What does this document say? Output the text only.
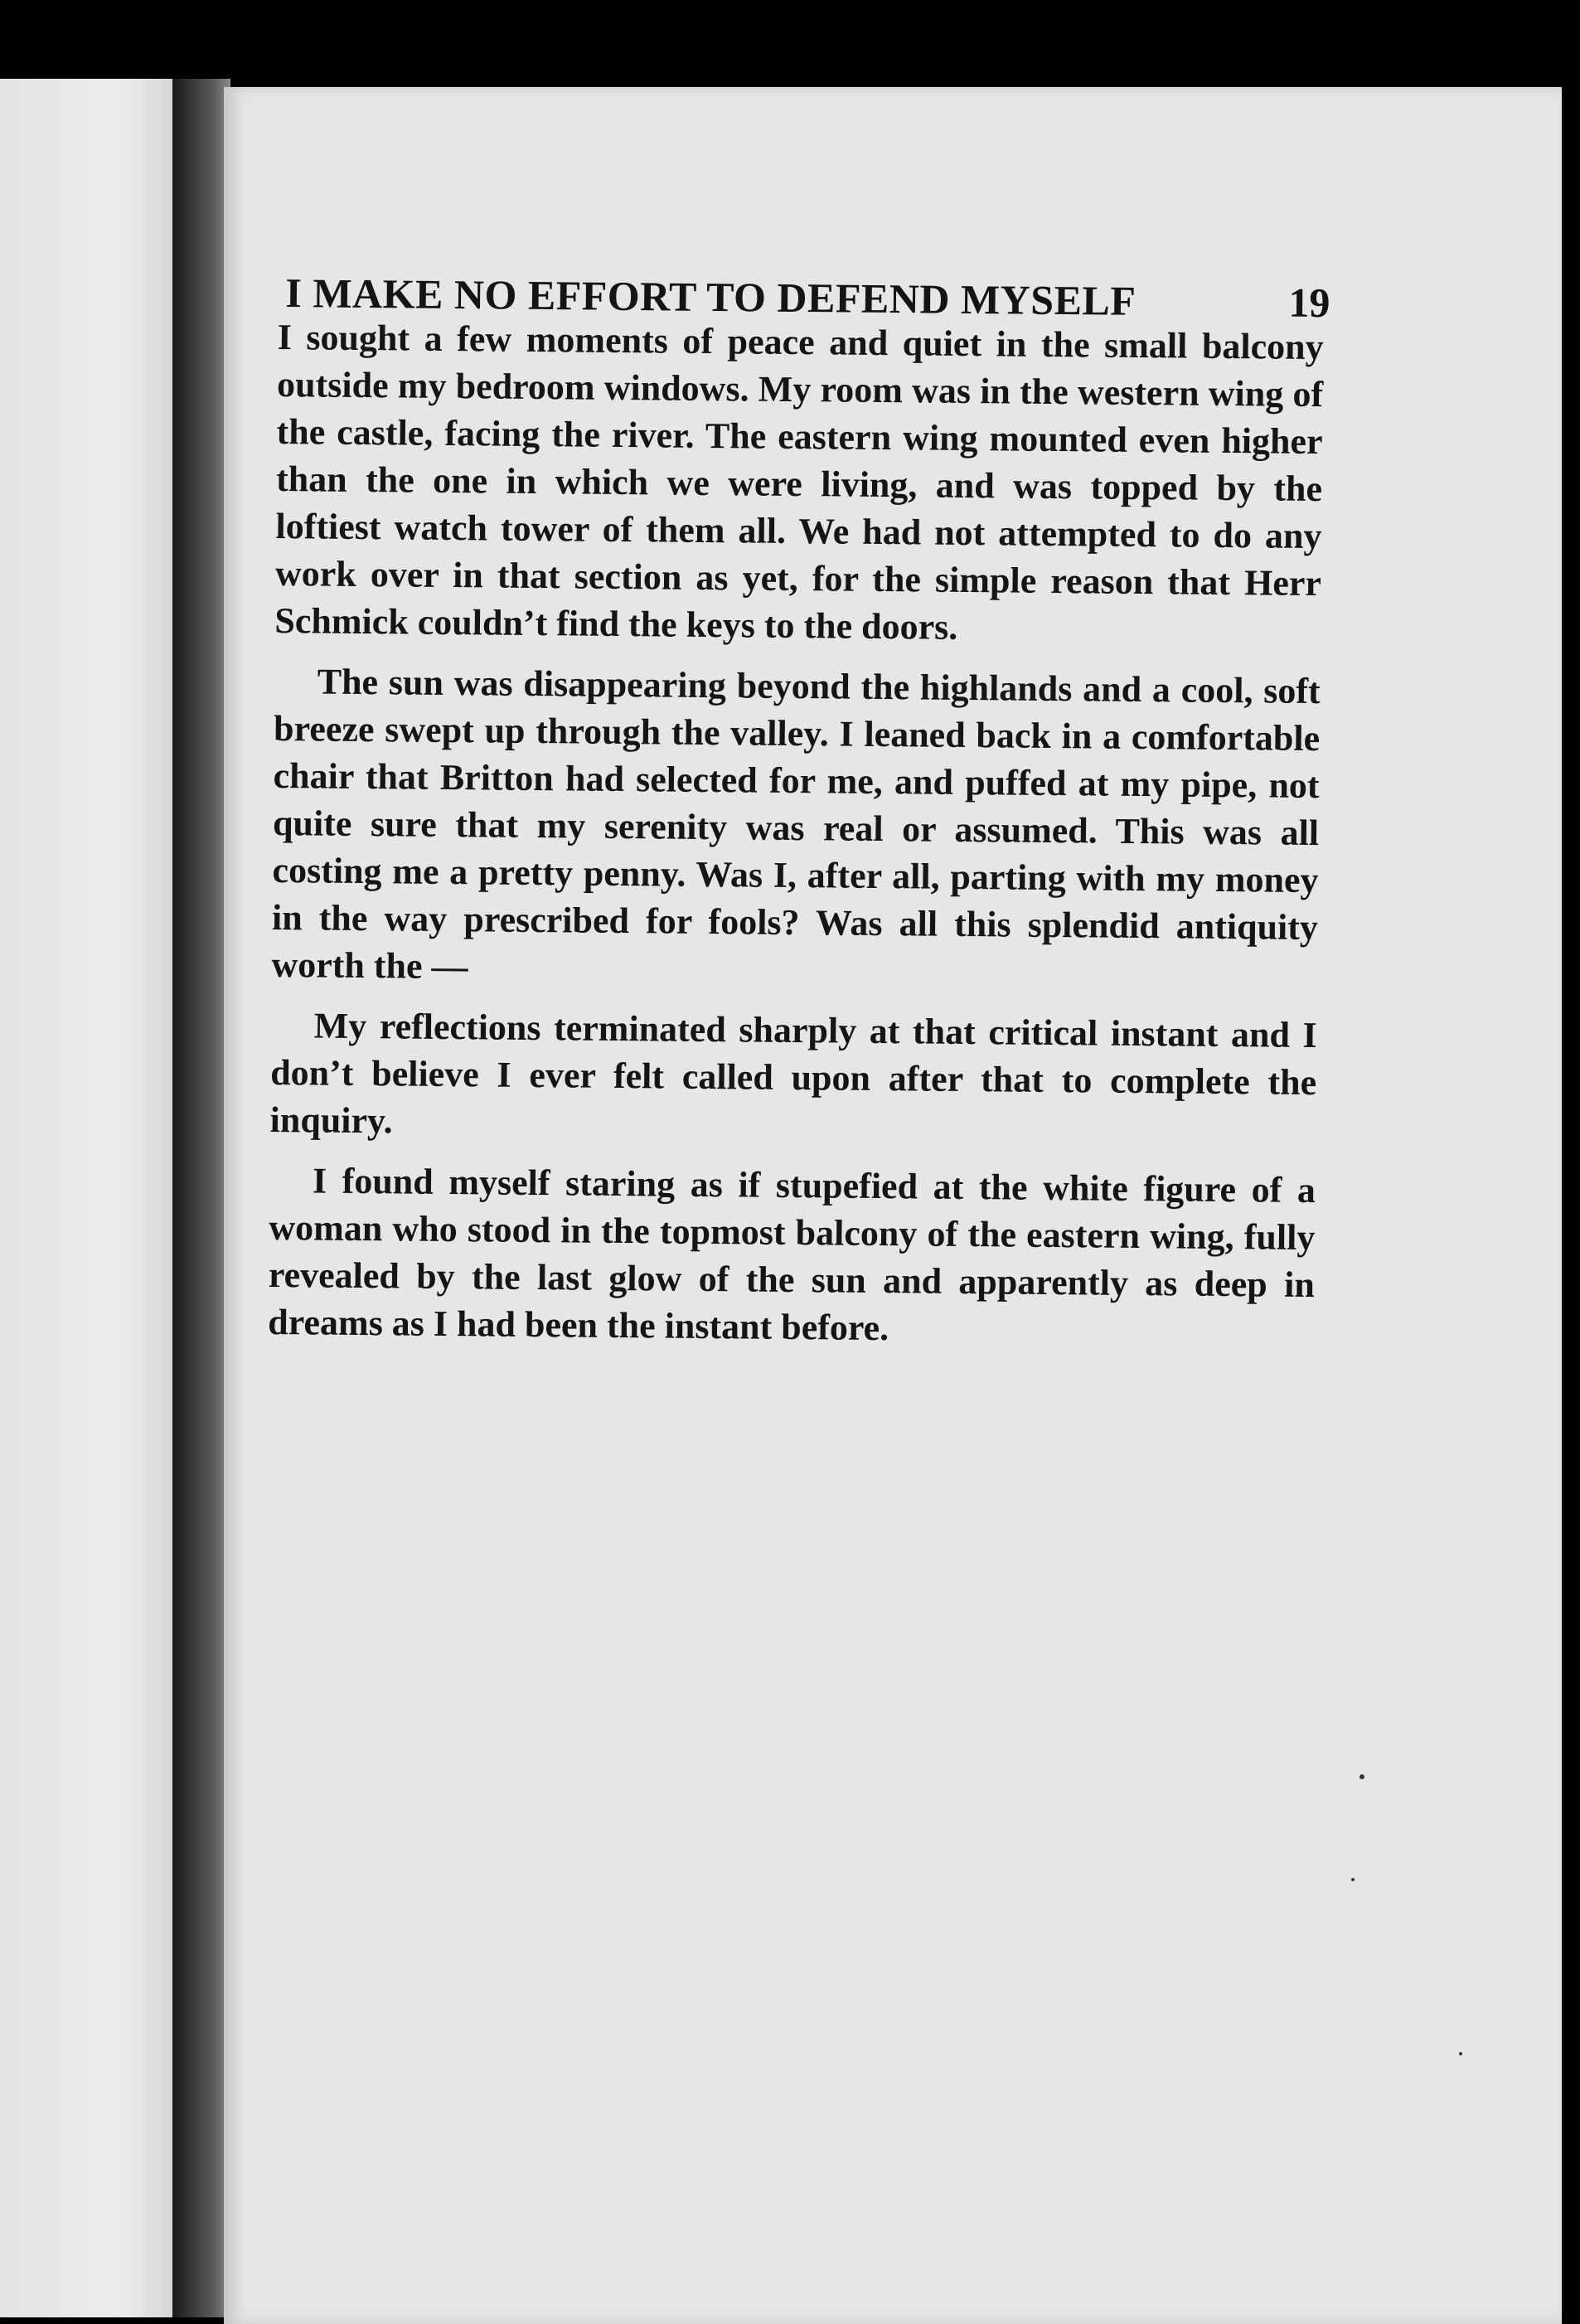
I MAKE NO EFFORT TO DEFEND MYSELF	19

I sought a few moments of peace and quiet in the small balcony outside my bedroom windows. My room was in the western wing of the castle, facing the river. The eastern wing mounted even higher than the one in which we were living, and was topped by the loftiest watch tower of them all. We had not attempted to do any work over in that section as yet, for the simple reason that Herr Schmick couldn’t find the keys to the doors.

The sun was disappearing beyond the highlands and a cool, soft breeze swept up through the valley. I leaned back in a comfortable chair that Britton had selected for me, and puffed at my pipe, not quite sure that my serenity was real or assumed. This was all costing me a pretty penny. Was I, after all, parting with my money in the way prescribed for fools? Was all this splendid antiquity worth the —

My reflections terminated sharply at that critical instant and I don’t believe I ever felt called upon after that to complete the inquiry.

I found myself staring as if stupefied at the white figure of a woman who stood in the topmost balcony of the eastern wing, fully revealed by the last glow of the sun and apparently as deep in dreams as I had been the instant before.
